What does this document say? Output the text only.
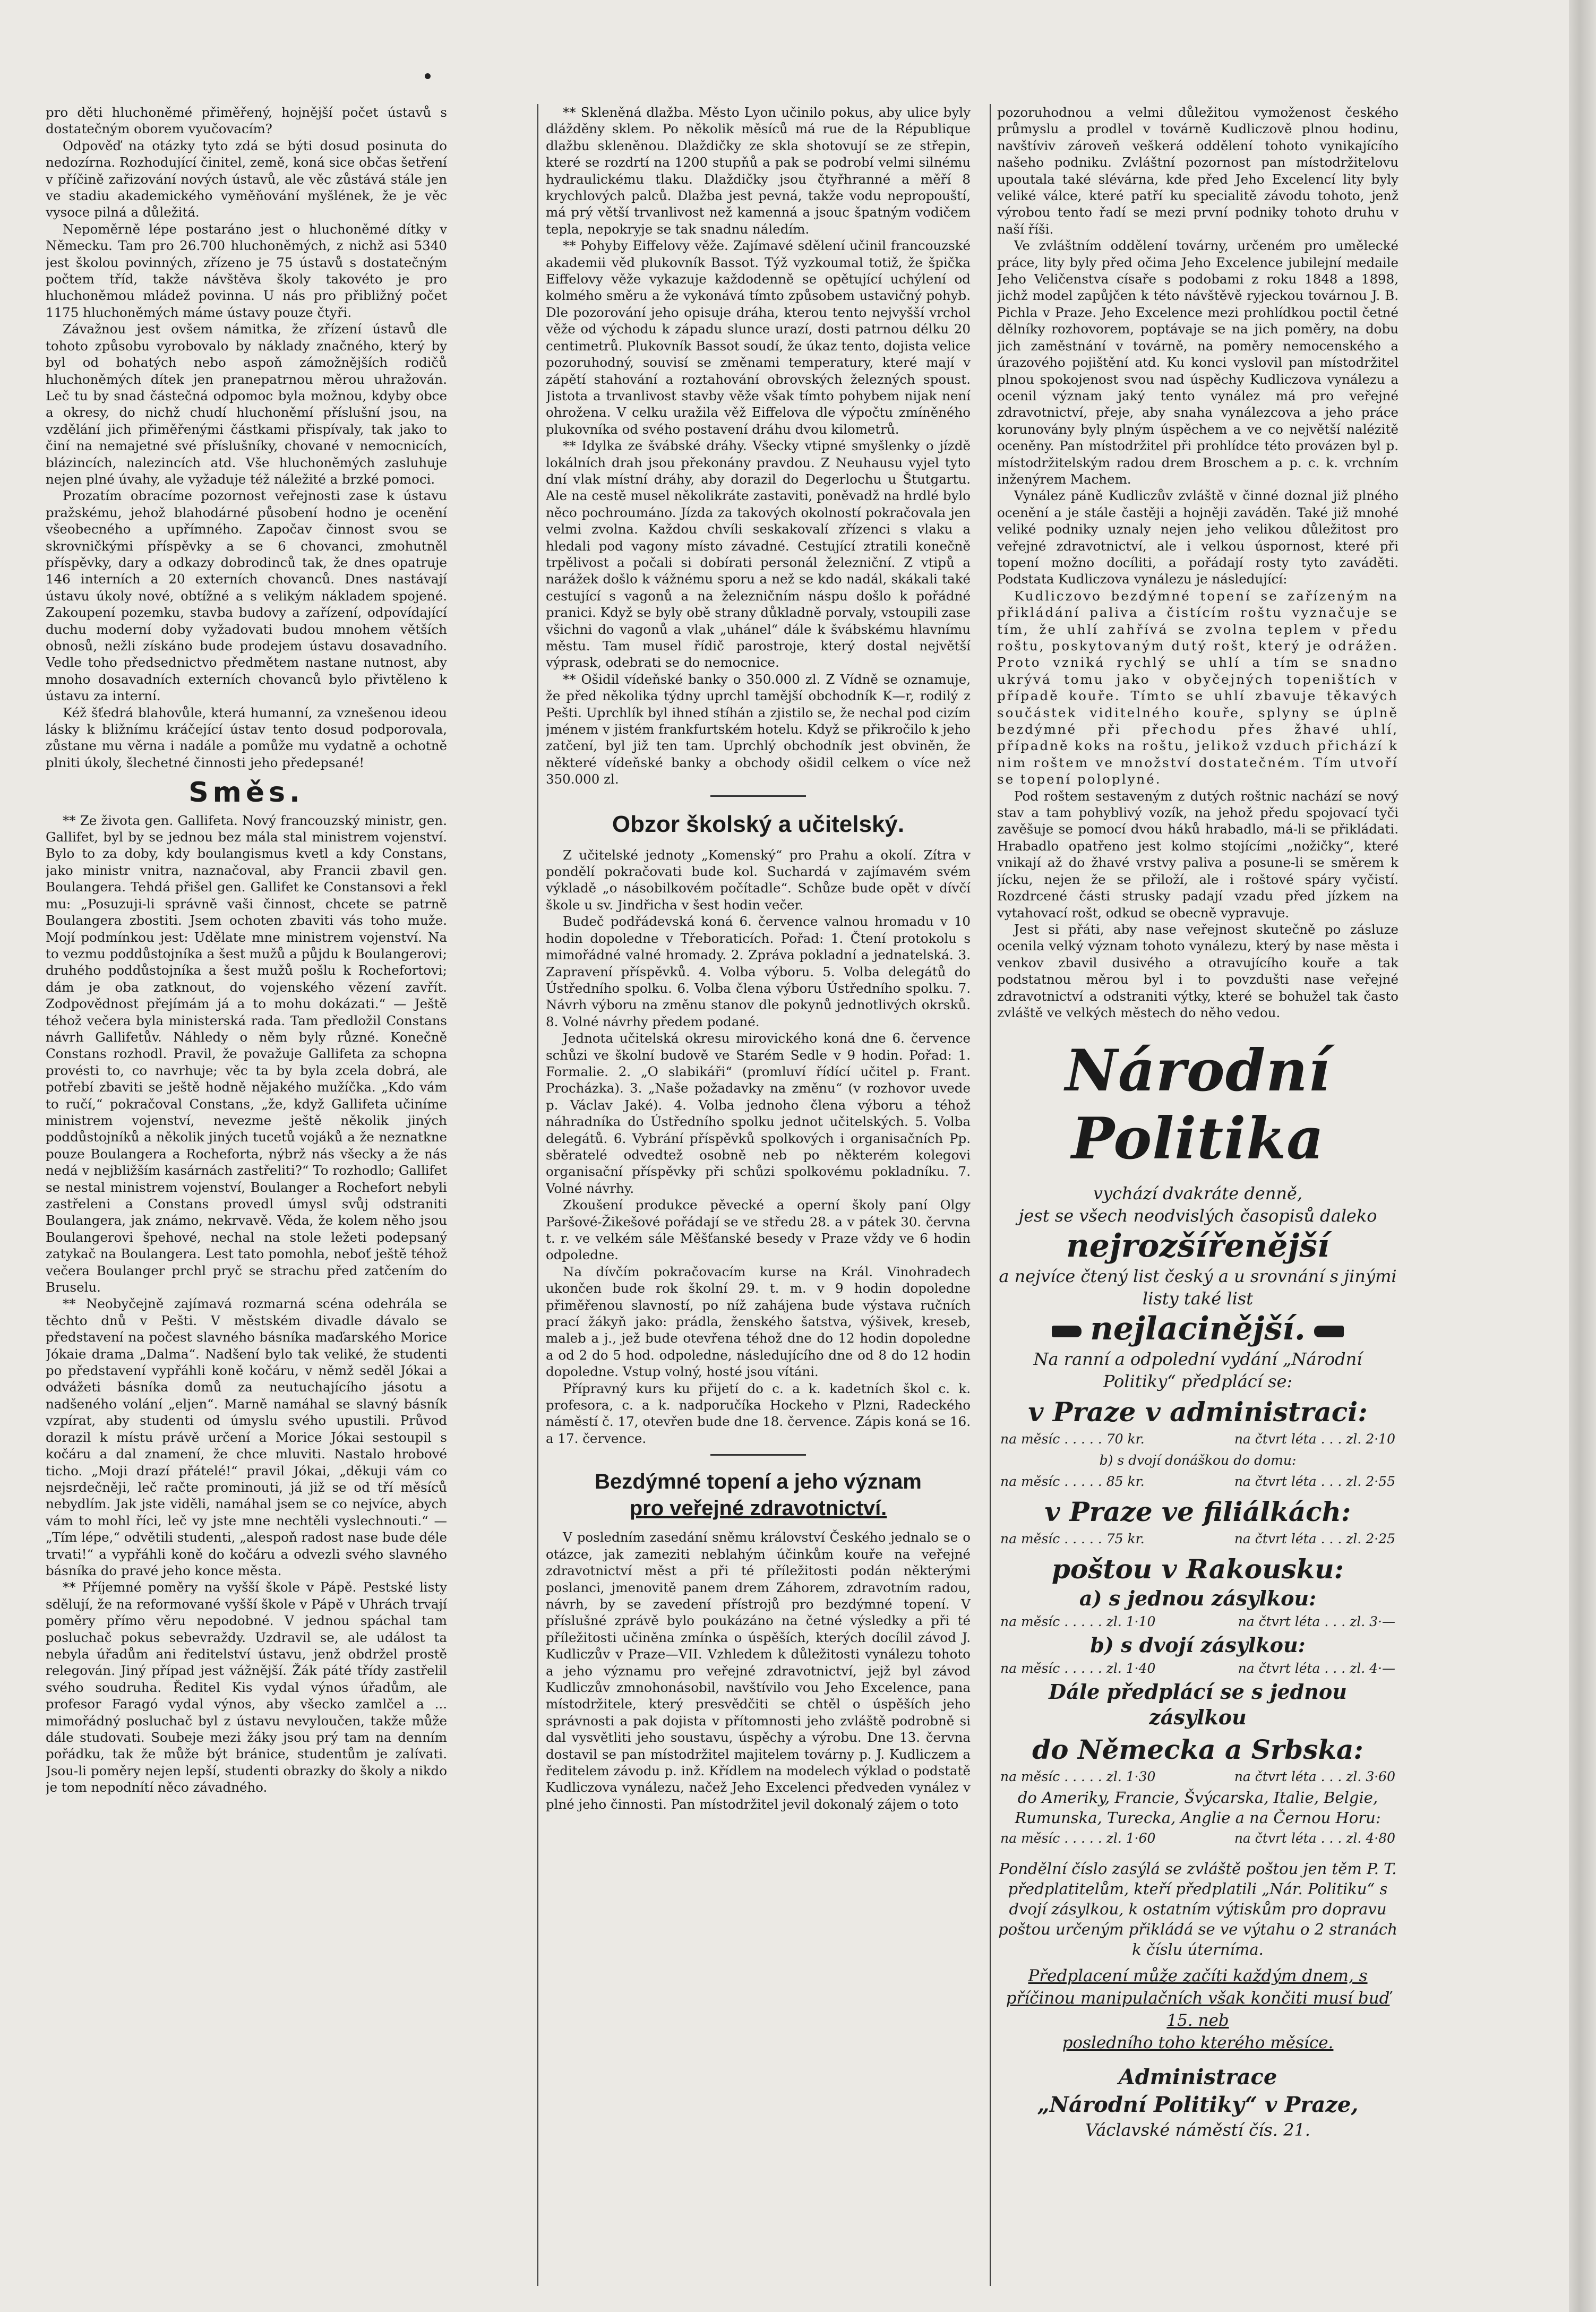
pro děti hluchoněmé přiměřený, hojnější počet ústavů s dostatečným oborem vyučovacím?

Odpověď na otázky tyto zdá se býti dosud posinuta do nedozírna. Rozhodující činitel, země, koná sice občas šetření v příčině zařizování nových ústavů, ale věc zůstává stále jen ve stadiu akademického vyměňování myšlének, že je věc vysoce pilná a důležitá.

Nepoměrně lépe postaráno jest o hluchoněmé dítky v Německu. Tam pro 26.700 hluchoněmých, z nichž asi 5340 jest školou povinných, zřízeno je 75 ústavů s dostatečným počtem tříd, takže návštěva školy takovéto je pro hluchoněmou mládež povinna. U nás pro přibližný počet 1175 hluchoněmých máme ústavy pouze čtyři.

Závažnou jest ovšem námitka, že zřízení ústavů dle tohoto způsobu vyrobovalo by náklady značného, který by byl od bohatých nebo aspoň zámožnějších rodičů hluchoněmých dítek jen pranepatrnou měrou uhražován. Leč tu by snad částečná odpomoc byla možnou, kdyby obce a okresy, do nichž chudí hluchoněmí příslušní jsou, na vzdělání jich přiměřenými částkami přispívaly, tak jako to činí na nemajetné své příslušníky, chované v nemocnicích, blázincích, nalezincích atd. Vše hluchoněmých zasluhuje nejen plné úvahy, ale vyžaduje též náležité a brzké pomoci.

Prozatím obracíme pozornost veřejnosti zase k ústavu pražskému, jehož blahodárné působení hodno je ocenění všeobecného a upřímného. Započav činnost svou se skrovničkými příspěvky a se 6 chovanci, zmohutněl příspěvky, dary a odkazy dobrodinců tak, že dnes opatruje 146 interních a 20 externích chovanců. Dnes nastávají ústavu úkoly nové, obtížné a s velikým nákladem spojené. Zakoupení pozemku, stavba budovy a zařízení, odpovídající duchu moderní doby vyžadovati budou mnohem větších obnosů, nežli získáno bude prodejem ústavu dosavadního. Vedle toho předsednictvo předmětem nastane nutnost, aby mnoho dosavadních externích chovanců bylo přivtěleno k ústavu za interní.

Kéž šťedrá blahovůle, která humanní, za vznešenou ideou lásky k bližnímu kráčející ústav tento dosud podporovala, zůstane mu věrna i nadále a pomůže mu vydatně a ochotně plniti úkoly, šlechetné činnosti jeho předepsané!

Směs.

** Ze života gen. Gallifeta. Nový francouzský ministr, gen. Gallifet, byl by se jednou bez mála stal ministrem vojenství. Bylo to za doby, kdy boulangismus kvetl a kdy Constans, jako ministr vnitra, naznačoval, aby Francii zbavil gen. Boulangera. Tehdá přišel gen. Gallifet ke Constansovi a řekl mu: „Posuzuji-li správně vaši činnost, chcete se patrně Boulangera zbostiti. Jsem ochoten zbaviti vás toho muže. Mojí podmínkou jest: Udělate mne ministrem vojenství. Na to vezmu poddůstojníka a šest mužů a půjdu k Boulangerovi; druhého poddůstojníka a šest mužů pošlu k Rochefortovi; dám je oba zatknout, do vojenského vězení zavřít. Zodpovědnost přejímám já a to mohu dokázati.“ — Ještě téhož večera byla ministerská rada. Tam předložil Constans návrh Gallifetův. Náhledy o něm byly různé. Konečně Constans rozhodl. Pravil, že považuje Gallifeta za schopna provésti to, co navrhuje; věc ta by byla zcela dobrá, ale potřebí zbaviti se ještě hodně nějakého mužíčka. „Kdo vám to ručí,“ pokračoval Constans, „že, když Gallifeta učiníme ministrem vojenství, nevezme ještě několik jiných poddůstojníků a několik jiných tucetů vojáků a že neznatkne pouze Boulangera a Rocheforta, nýbrž nás všecky a že nás nedá v nejbližším kasárnách zastřeliti?“ To rozhodlo; Gallifet se nestal ministrem vojenství, Boulanger a Rochefort nebyli zastřeleni a Constans provedl úmysl svůj odstraniti Boulangera, jak známo, nekrvavě. Věda, že kolem něho jsou Boulangerovi špehové, nechal na stole ležeti podepsaný zatykač na Boulangera. Lest tato pomohla, neboť ještě téhož večera Boulanger prchl pryč se strachu před zatčením do Bruselu.

** Neobyčejně zajímavá rozmarná scéna odehrála se těchto dnů v Pešti. V městském divadle dávalo se představení na počest slavného básníka maďarského Morice Jókaie drama „Dalma“. Nadšení bylo tak veliké, že studenti po představení vypřáhli koně kočáru, v němž seděl Jókai a odvážeti básníka domů za neutuchajícího jásotu a nadšeného volání „eljen“. Marně namáhal se slavný básník vzpírat, aby studenti od úmyslu svého upustili. Průvod dorazil k místu právě určení a Morice Jókai sestoupil s kočáru a dal znamení, že chce mluviti. Nastalo hrobové ticho. „Moji drazí přátelé!“ pravil Jókai, „děkuji vám co nejsrdečněji, leč račte prominouti, já již se od tří měsíců nebydlím. Jak jste viděli, namáhal jsem se co nejvíce, abych vám to mohl říci, leč vy jste mne nechtěli vyslechnouti.“ — „Tím lépe,“ odvětili studenti, „alespoň radost nase bude déle trvati!“ a vypřáhli koně do kočáru a odvezli svého slavného básníka do pravé jeho konce města.

** Příjemné poměry na vyšší škole v Pápě. Pestské listy sdělují, že na reformované vyšší škole v Pápě v Uhrách trvají poměry přímo věru nepodobné. V jednou spáchal tam posluchač pokus sebevraždy. Uzdravil se, ale událost ta nebyla úřadům ani ředitelství ústavu, jenž obdržel prostě relegován. Jiný případ jest vážnější. Žák páté třídy zastřelil svého soudruha. Ředitel Kis vydal výnos úřadům, ale profesor Faragó vydal výnos, aby všecko zamlčel a ... mimořádný posluchač byl z ústavu nevyloučen, takže může dále studovati. Soubeje mezi žáky jsou prý tam na denním pořádku, tak že může být bránice, studentům je zalívati. Jsou-li poměry nejen lepší, studenti obrazky do školy a nikdo je tom nepodnítí něco závadného.

** Skleněná dlažba. Město Lyon učinilo pokus, aby ulice byly dlážděny sklem. Po několik měsíců má rue de la République dlažbu skleněnou. Dlaždičky ze skla shotovují se ze střepin, které se rozdrtí na 1200 stupňů a pak se podrobí velmi silnému hydraulickému tlaku. Dlaždičky jsou čtyřhranné a měří 8 krychlových palců. Dlažba jest pevná, takže vodu nepropouští, má prý větší trvanlivost než kamenná a jsouc špatným vodičem tepla, nepokryje se tak snadnu náledím.

** Pohyby Eiffelovy věže. Zajímavé sdělení učinil francouzské akademii věd plukovník Bassot. Týž vyzkoumal totiž, že špička Eiffelovy věže vykazuje každodenně se opětující uchýlení od kolmého směru a že vykonává tímto způsobem ustavičný pohyb. Dle pozorování jeho opisuje dráha, kterou tento nejvyšší vrchol věže od východu k západu slunce urazí, dosti patrnou délku 20 centimetrů. Plukovník Bassot soudí, že úkaz tento, dojista velice pozoruhodný, souvisí se změnami temperatury, které mají v zápětí stahování a roztahování obrovských železných spoust. Jistota a trvanlivost stavby věže však tímto pohybem nijak není ohrožena. V celku uražila věž Eiffelova dle výpočtu zmíněného plukovníka od svého postavení dráhu dvou kilometrů.

** Idylka ze švábské dráhy. Všecky vtipné smyšlenky o jízdě lokálních drah jsou překonány pravdou. Z Neuhausu vyjel tyto dní vlak místní dráhy, aby dorazil do Degerlochu u Štutgartu. Ale na cestě musel několikráte zastaviti, poněvadž na hrdlé bylo něco pochroumáno. Jízda za takových okolností pokračovala jen velmi zvolna. Každou chvíli seskakovalí zřízenci s vlaku a hledali pod vagony místo závadné. Cestující ztratili konečně trpělivost a počali si dobírati personál železniční. Z vtipů a narážek došlo k vážnému sporu a než se kdo nadál, skákali také cestující s vagonů a na železničním náspu došlo k pořádné pranici. Když se byly obě strany důkladně porvaly, vstoupili zase všichni do vagonů a vlak „uhánel“ dále k švábskému hlavnímu městu. Tam musel řídič parostroje, který dostal největší výprask, odebrati se do nemocnice.

** Ošidil vídeňské banky o 350.000 zl. Z Vídně se oznamuje, že před několika týdny uprchl tamější obchodník K—r, rodilý z Pešti. Uprchlík byl ihned stíhán a zjistilo se, že nechal pod cizím jménem v jistém frankfurtském hotelu. Když se přikročilo k jeho zatčení, byl již ten tam. Uprchlý obchodník jest obviněn, že některé vídeňské banky a obchody ošidil celkem o více než 350.000 zl.

Obzor školský a učitelský.

Z učitelské jednoty „Komenský“ pro Prahu a okolí. Zítra v pondělí pokračovati bude kol. Suchardá v zajímavém svém výkladě „o násobilkovém počítadle“. Schůze bude opět v dívčí škole u sv. Jindřicha v šest hodin večer.

Budeč podřádevská koná 6. července valnou hromadu v 10 hodin dopoledne v Třeboraticích. Pořad: 1. Čtení protokolu s mimořádné valné hromady. 2. Zpráva pokladní a jednatelská. 3. Zapravení příspěvků. 4. Volba výboru. 5. Volba delegátů do Ústředního spolku. 6. Volba člena výboru Ústředního spolku. 7. Návrh výboru na změnu stanov dle pokynů jednotlivých okrsků. 8. Volné návrhy předem podané.

Jednota učitelská okresu mirovického koná dne 6. července schůzi ve školní budově ve Starém Sedle v 9 hodin. Pořad: 1. Formalie. 2. „O slabikáři“ (promluví řídící učitel p. Frant. Procházka). 3. „Naše požadavky na změnu“ (v rozhovor uvede p. Václav Jaké). 4. Volba jednoho člena výboru a téhož náhradníka do Ústředního spolku jednot učitelských. 5. Volba delegátů. 6. Vybrání příspěvků spolkových i organisačních Pp. sběratelé odvedtež osobně neb po některém kolegovi organisační příspěvky při schůzi spolkovému pokladníku. 7. Volné návrhy.

Zkoušení produkce pěvecké a operní školy paní Olgy Paršové-Žikešové pořádají se ve středu 28. a v pátek 30. června t. r. ve velkém sále Měšťanské besedy v Praze vždy ve 6 hodin odpoledne.

Na dívčím pokračovacím kurse na Král. Vinohradech ukončen bude rok školní 29. t. m. v 9 hodin dopoledne přiměřenou slavností, po níž zahájena bude výstava ručních prací žákyň jako: prádla, ženského šatstva, výšivek, kreseb, maleb a j., jež bude otevřena téhož dne do 12 hodin dopoledne a od 2 do 5 hod. odpoledne, následujícího dne od 8 do 12 hodin dopoledne. Vstup volný, hosté jsou vítáni.

Přípravný kurs ku přijetí do c. a k. kadetních škol c. k. profesora, c. a k. nadporučíka Hockeho v Plzni, Radeckého náměstí č. 17, otevřen bude dne 18. července. Zápis koná se 16. a 17. července.

Bezdýmné topení a jeho význam
pro veřejné zdravotnictví.

V posledním zasedání sněmu království Českého jednalo se o otázce, jak zameziti neblahým účinkům kouře na veřejné zdravotnictví měst a při té příležitosti podán některými poslanci, jmenovitě panem drem Záhorem, zdravotním radou, návrh, by se zavedení přístrojů pro bezdýmné topení. V příslušné zprávě bylo poukázáno na četné výsledky a při té příležitosti učiněna zmínka o úspěších, kterých docílil závod J. Kudliczův v Praze—VII. Vzhledem k důležitosti vynálezu tohoto a jeho významu pro veřejné zdravotnictví, jejž byl závod Kudliczův zmnohonásobil, navštívilo vou Jeho Excelence, pana místodržitele, který presvědčiti se chtěl o úspěších jeho správnosti a pak dojista v přítomnosti jeho zvláště podrobně si dal vysvětliti jeho soustavu, úspěchy a výrobu. Dne 13. června dostavil se pan místodržitel majitelem továrny p. J. Kudliczem a ředitelem závodu p. inž. Křídlem na modelech výklad o podstatě Kudliczova vynálezu, načež Jeho Excelenci předveden vynález v plné jeho činnosti. Pan místodržitel jevil dokonalý zájem o toto

pozoruhodnou a velmi důležitou vymoženost českého průmyslu a prodlel v továrně Kudliczově plnou hodinu, navštíviv zároveň veškerá oddělení tohoto vynikajícího našeho podniku. Zvláštní pozornost pan místodržitelovu upoutala také slévárna, kde před Jeho Excelencí lity byly veliké válce, které patří ku specialitě závodu tohoto, jenž výrobou tento řadí se mezi první podniky tohoto druhu v naší říši.

Ve zvláštním oddělení továrny, určeném pro umělecké práce, lity byly před očima Jeho Excelence jubilejní medaile Jeho Veličenstva císaře s podobami z roku 1848 a 1898, jichž model zapůjčen k této návštěvě ryjeckou továrnou J. B. Pichla v Praze. Jeho Excelence mezi prohlídkou poctil četné dělníky rozhovorem, poptávaje se na jich poměry, na dobu jich zaměstnání v továrně, na poměry nemocenského a úrazového pojištění atd. Ku konci vyslovil pan místodržitel plnou spokojenost svou nad úspěchy Kudliczova vynálezu a ocenil význam jaký tento vynález má pro veřejné zdravotnictví, přeje, aby snaha vynálezcova a jeho práce korunovány byly plným úspěchem a ve co největší nalézitě oceněny. Pan místodržitel při prohlídce této provázen byl p. místodržitelským radou drem Broschem a p. c. k. vrchním inženýrem Machem.

Vynález páně Kudliczův zvláště v činné doznal již plného ocenění a je stále častěji a hojněji zaváděn. Také již mnohé veliké podniky uznaly nejen jeho velikou důležitost pro veřejné zdravotnictví, ale i velkou úspornost, které při topení možno docíliti, a pořádají rosty tyto zaváděti. Podstata Kudliczova vynálezu je následující:

Kudliczovo bezdýmné topení se zařízeným na přikládání paliva a čistícím roštu vyznačuje se tím, že uhlí zahřívá se zvolna teplem v předu roštu, poskytovaným dutý rošt, který je odrážen. Proto vzniká rychlý se uhlí a tím se snadno ukrývá tomu jako v obyčejných topeništích v případě kouře. Tímto se uhlí zbavuje těkavých součástek viditelného kouře, splyny se úplně bezdýmné při přechodu přes žhavé uhlí, případně koks na roštu, jelikož vzduch přichází k nim roštem ve množství dostatečném. Tím utvoří se topení poloplyné.

Pod roštem sestaveným z dutých roštnic nachází se nový stav a tam pohyblivý vozík, na jehož předu spojovací tyči zavěšuje se pomocí dvou háků hrabadlo, má-li se přikládati. Hrabadlo opatřeno jest kolmo stojícími „nožičky“, které vnikají až do žhavé vrstvy paliva a posune-li se směrem k jícku, nejen že se přiloží, ale i roštové spáry vyčistí. Rozdrcené části strusky padají vzadu před jízkem na vytahovací rošt, odkud se obecně vypravuje.

Jest si přáti, aby nase veřejnost skutečně po zásluze ocenila velký význam tohoto vynálezu, který by nase města i venkov zbavil dusivého a otravujícího kouře a tak podstatnou měrou byl i to povzdušti nase veřejné zdravotnictví a odstraniti výtky, které se bohužel tak často zvláště ve velkých městech do něho vedou.

Národní Politika
vychází dvakráte denně,
jest se všech neodvislých časopisů daleko
nejrozšířenější
a nejvíce čtený list český a u srovnání s jinými listy také list
nejlacinější.
Na ranní a odpolední vydání „Národní Politiky“ předplácí se:
v Praze v administraci:
na měsíc . . . . . 70 kr.	na čtvrt léta . . . zl. 2·10
b) s dvojí donáškou do domu:
na měsíc . . . . . 85 kr.	na čtvrt léta . . . zl. 2·55
v Praze ve filiálkách:
na měsíc . . . . . 75 kr.	na čtvrt léta . . . zl. 2·25
poštou v Rakousku:
a) s jednou zásylkou:
na měsíc . . . . . zl. 1·10	na čtvrt léta . . . zl. 3·—
b) s dvojí zásylkou:
na měsíc . . . . . zl. 1·40	na čtvrt léta . . . zl. 4·—
Dále předplácí se s jednou zásylkou
do Německa a Srbska:
na měsíc . . . . . zl. 1·30	na čtvrt léta . . . zl. 3·60
do Ameriky, Francie, Švýcarska, Italie, Belgie, Rumunska, Turecka, Anglie a na Černou Horu:
na měsíc . . . . . zl. 1·60	na čtvrt léta . . . zl. 4·80
Pondělní číslo zasýlá se zvláště poštou jen těm P. T. předplatitelům, kteří předplatili „Nár. Politiku“ s dvojí zásylkou, k ostatním výtiskům pro dopravu poštou určeným přikládá se ve výtahu o 2 stranách k číslu úterníma.
Předplacení může začíti každým dnem, s příčinou manipulačních však končiti musí buď 15. neb
posledního toho kterého měsíce.
Administrace
„Národní Politiky“ v Praze,
Václavské náměstí čís. 21.
